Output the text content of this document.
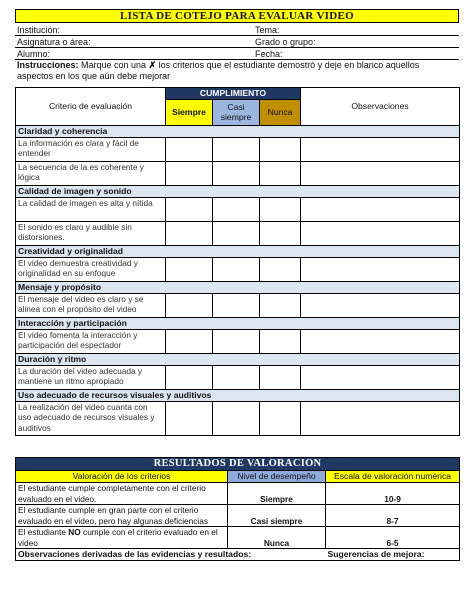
LISTA DE COTEJO PARA EVALUAR VIDEO
Institución:	Tema:
Asignatura o área:	Grado o grupo:
Alumno:	Fecha:
Instrucciones: Marque con una ✗ los criterios que el estudiante demostró y deje en blanco aquellos aspectos en los que aún debe mejorar
Criterio de evaluación	CUMPLIMIENTO			Observaciones
	Siempre	Casi siempre	Nunca	
Claridad y coherencia				
La información es clara y fácil de entender				
La secuencia de la es coherente y lógica				
Calidad de imagen y sonido				
La calidad de imagen es alta y nítida				
El sonido es claro y audible sin distorsiones.				
Creatividad y originalidad				
El video demuestra creatividad y originalidad en su enfoque				
Mensaje y propósito				
El mensaje del video es claro y se alinea con el propósito del video				
Interacción y participación				
El video fomenta la interacción y participación del espectador				
Duración y ritmo				
La duración del video adecuada y mantiene un ritmo apropiado				
Uso adecuado de recursos visuales y auditivos				
La realización del video cuanta con uso adecuado de recursos visuales y auditivos				
RESULTADOS DE VALORACIÓN		
Valoración de los criterios	Nivel de desempeño	Escala de valoración numérica
El estudiante cumple completamente con el criterio evaluado en el video.	Siempre	10-9
El estudiante cumple en gran parte con el criterio evaluado en el video, pero hay algunas deficiencias	Casi siempre	8-7
El estudiante NO cumple con el criterio evaluado en el video	Nunca	6-5
Observaciones derivadas de las evidencias y resultados:		Sugerencias de mejora:
